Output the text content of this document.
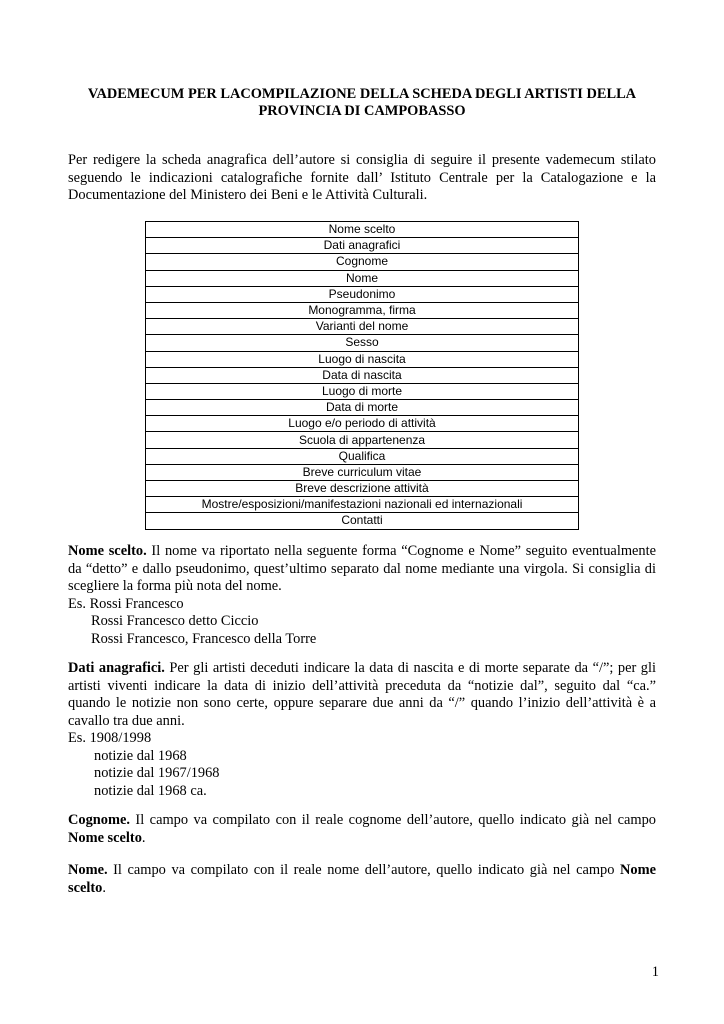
VADEMECUM PER LACOMPILAZIONE DELLA SCHEDA DEGLI ARTISTI DELLA
PROVINCIA DI CAMPOBASSO

Per redigere la scheda anagrafica dell’autore si consiglia di seguire il presente vademecum stilato seguendo le indicazioni catalografiche fornite dall’ Istituto Centrale per la Catalogazione e la Documentazione del Ministero dei Beni e le Attività Culturali.

Nome scelto
Dati anagrafici
Cognome
Nome
Pseudonimo
Monogramma, firma
Varianti del nome
Sesso
Luogo di nascita
Data di nascita
Luogo di morte
Data di morte
Luogo e/o periodo di attività
Scuola di appartenenza
Qualifica
Breve curriculum vitae
Breve descrizione attività
Mostre/esposizioni/manifestazioni nazionali ed internazionali
Contatti
Nome scelto. Il nome va riportato nella seguente forma “Cognome e Nome” seguito eventualmente da “detto” e dallo pseudonimo, quest’ultimo separato dal nome mediante una virgola. Si consiglia di scegliere la forma più nota del nome.
Es. Rossi Francesco
Rossi Francesco detto Ciccio
Rossi Francesco, Francesco della Torre
Dati anagrafici. Per gli artisti deceduti indicare la data di nascita e di morte separate da “/”; per gli artisti viventi indicare la data di inizio dell’attività preceduta da “notizie dal”, seguito dal “ca.” quando le notizie non sono certe, oppure separare due anni da “/” quando l’inizio dell’attività è a cavallo tra due anni.
Es. 1908/1998
notizie dal 1968
notizie dal 1967/1968
notizie dal 1968 ca.
Cognome. Il campo va compilato con il reale cognome dell’autore, quello indicato già nel campo Nome scelto.
Nome. Il campo va compilato con il reale nome dell’autore, quello indicato già nel campo Nome scelto.
1
